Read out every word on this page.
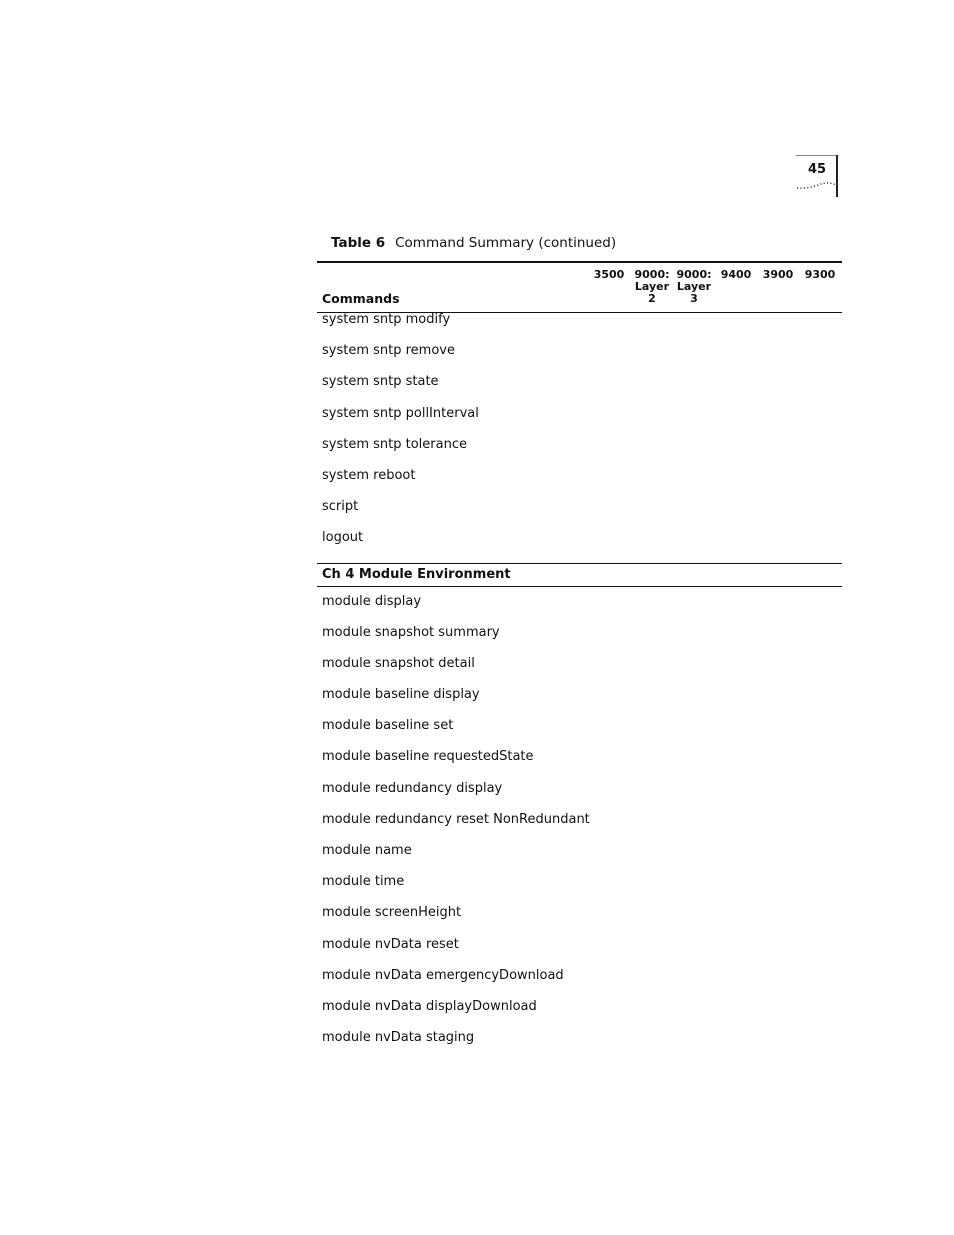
45
Table 6 Command Summary (continued)
Commands
3500 9000:
Layer
2
9000:
Layer
3
9400	3900	9300
system sntp modify
system sntp remove
system sntp state
system sntp pollInterval
system sntp tolerance
system reboot
script
logout
Ch 4 Module Environment
module display
module snapshot summary
module snapshot detail
module baseline display
module baseline set
module baseline requestedState
module redundancy display
module redundancy reset NonRedundant
module name
module time
module screenHeight
module nvData reset
module nvData emergencyDownload
module nvData displayDownload
module nvData staging
